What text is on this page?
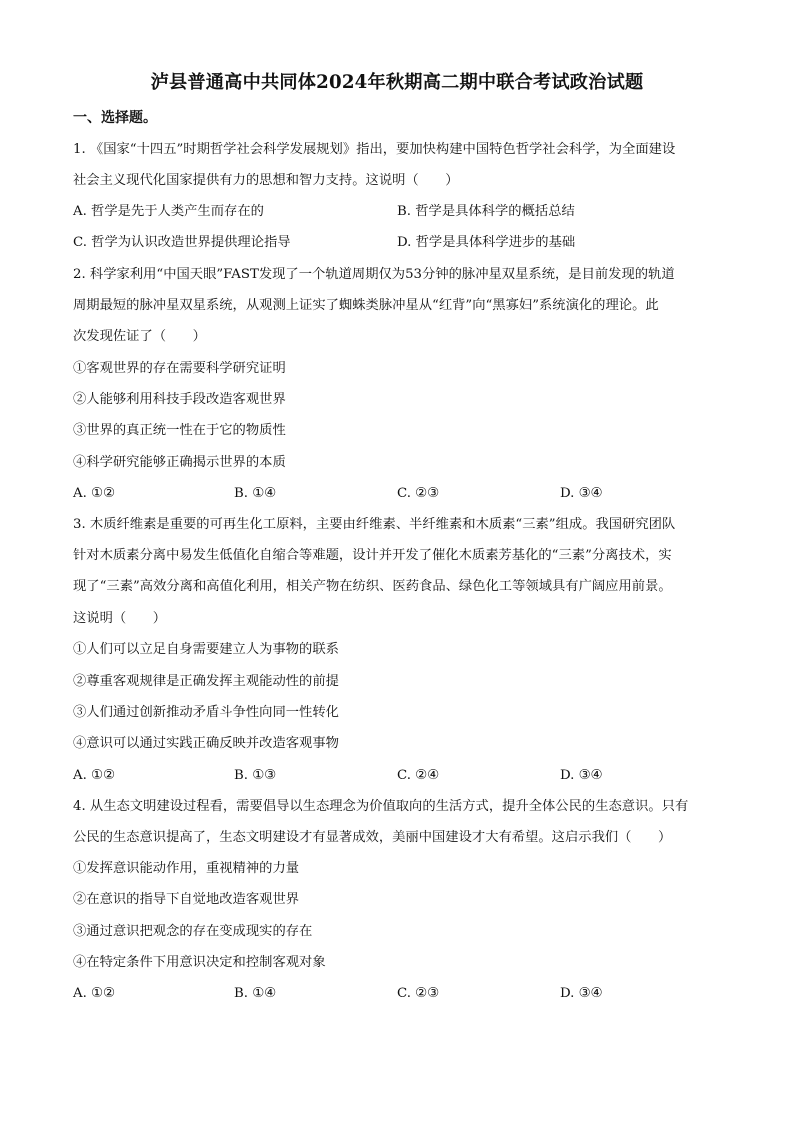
泸县普通高中共同体2024年秋期高二期中联合考试政治试题
一、选择题。
1. 《国家“十四五”时期哲学社会科学发展规划》指出，要加快构建中国特色哲学社会科学，为全面建设
社会主义现代化国家提供有力的思想和智力支持。这说明（　　）
A. 哲学是先于人类产生而存在的	B. 哲学是具体科学的概括总结
C. 哲学为认识改造世界提供理论指导	D. 哲学是具体科学进步的基础
2. 科学家利用“中国天眼”FAST发现了一个轨道周期仅为53分钟的脉冲星双星系统，是目前发现的轨道
周期最短的脉冲星双星系统，从观测上证实了蜘蛛类脉冲星从“红背”向“黑寡妇”系统演化的理论。此
次发现佐证了（　　）
①客观世界的存在需要科学研究证明
②人能够利用科技手段改造客观世界
③世界的真正统一性在于它的物质性
④科学研究能够正确揭示世界的本质
A. ①②	B. ①④	C. ②③	D. ③④
3. 木质纤维素是重要的可再生化工原料，主要由纤维素、半纤维素和木质素“三素”组成。我国研究团队
针对木质素分离中易发生低值化自缩合等难题，设计并开发了催化木质素芳基化的“三素”分离技术，实
现了“三素”高效分离和高值化利用，相关产物在纺织、医药食品、绿色化工等领域具有广阔应用前景。
这说明（　　）
①人们可以立足自身需要建立人为事物的联系
②尊重客观规律是正确发挥主观能动性的前提
③人们通过创新推动矛盾斗争性向同一性转化
④意识可以通过实践正确反映并改造客观事物
A. ①②	B. ①③	C. ②④	D. ③④
4. 从生态文明建设过程看，需要倡导以生态理念为价值取向的生活方式，提升全体公民的生态意识。只有
公民的生态意识提高了，生态文明建设才有显著成效，美丽中国建设才大有希望。这启示我们（　　）
①发挥意识能动作用，重视精神的力量
②在意识的指导下自觉地改造客观世界
③通过意识把观念的存在变成现实的存在
④在特定条件下用意识决定和控制客观对象
A. ①②	B. ①④	C. ②③	D. ③④
